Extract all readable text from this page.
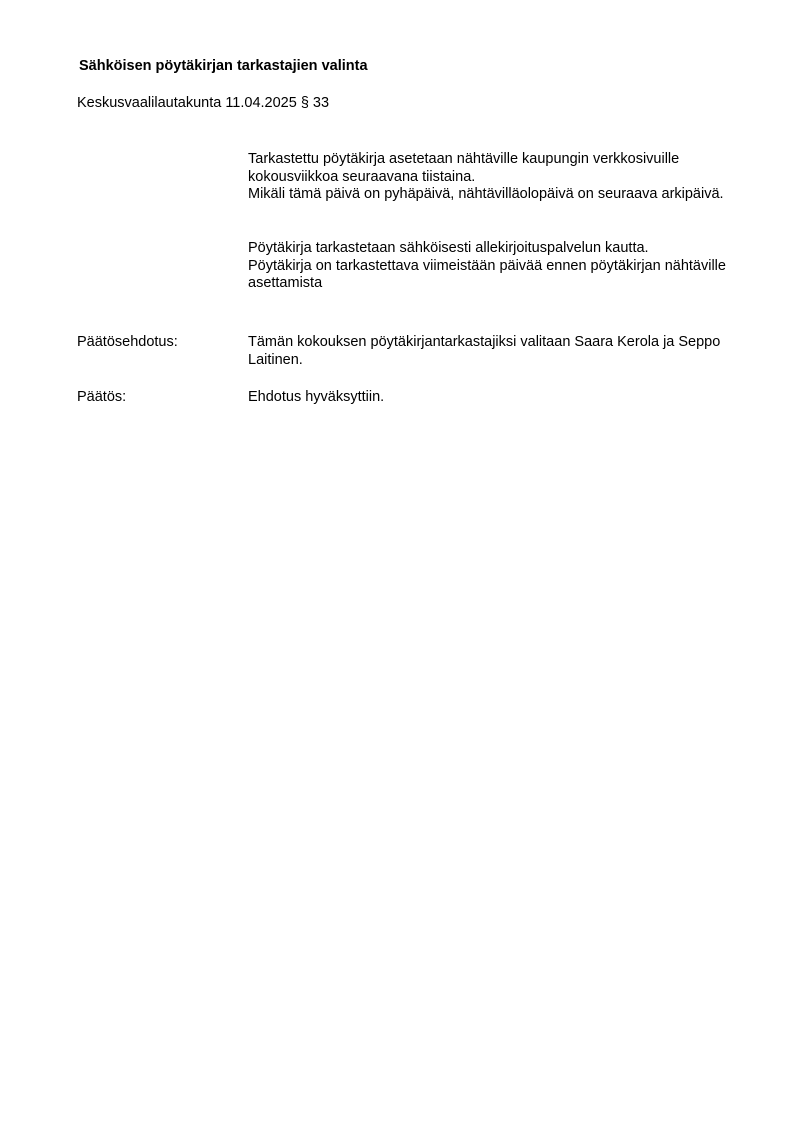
Sähköisen pöytäkirjan tarkastajien valinta
Keskusvaalilautakunta 11.04.2025 § 33

Tarkastettu pöytäkirja asetetaan nähtäville kaupungin verkkosivuille kokousviikkoa seuraavana tiistaina.

Mikäli tämä päivä on pyhäpäivä, nähtävilläolopäivä on seuraava arkipäivä.

Pöytäkirja tarkastetaan sähköisesti allekirjoituspalvelun kautta.

Pöytäkirja on tarkastettava viimeistään päivää ennen pöytäkirjan nähtäville asettamista

Päätösehdotus:	Tämän kokouksen pöytäkirjantarkastajiksi valitaan Saara Kerola ja Seppo Laitinen.
Päätös:	Ehdotus hyväksyttiin.
